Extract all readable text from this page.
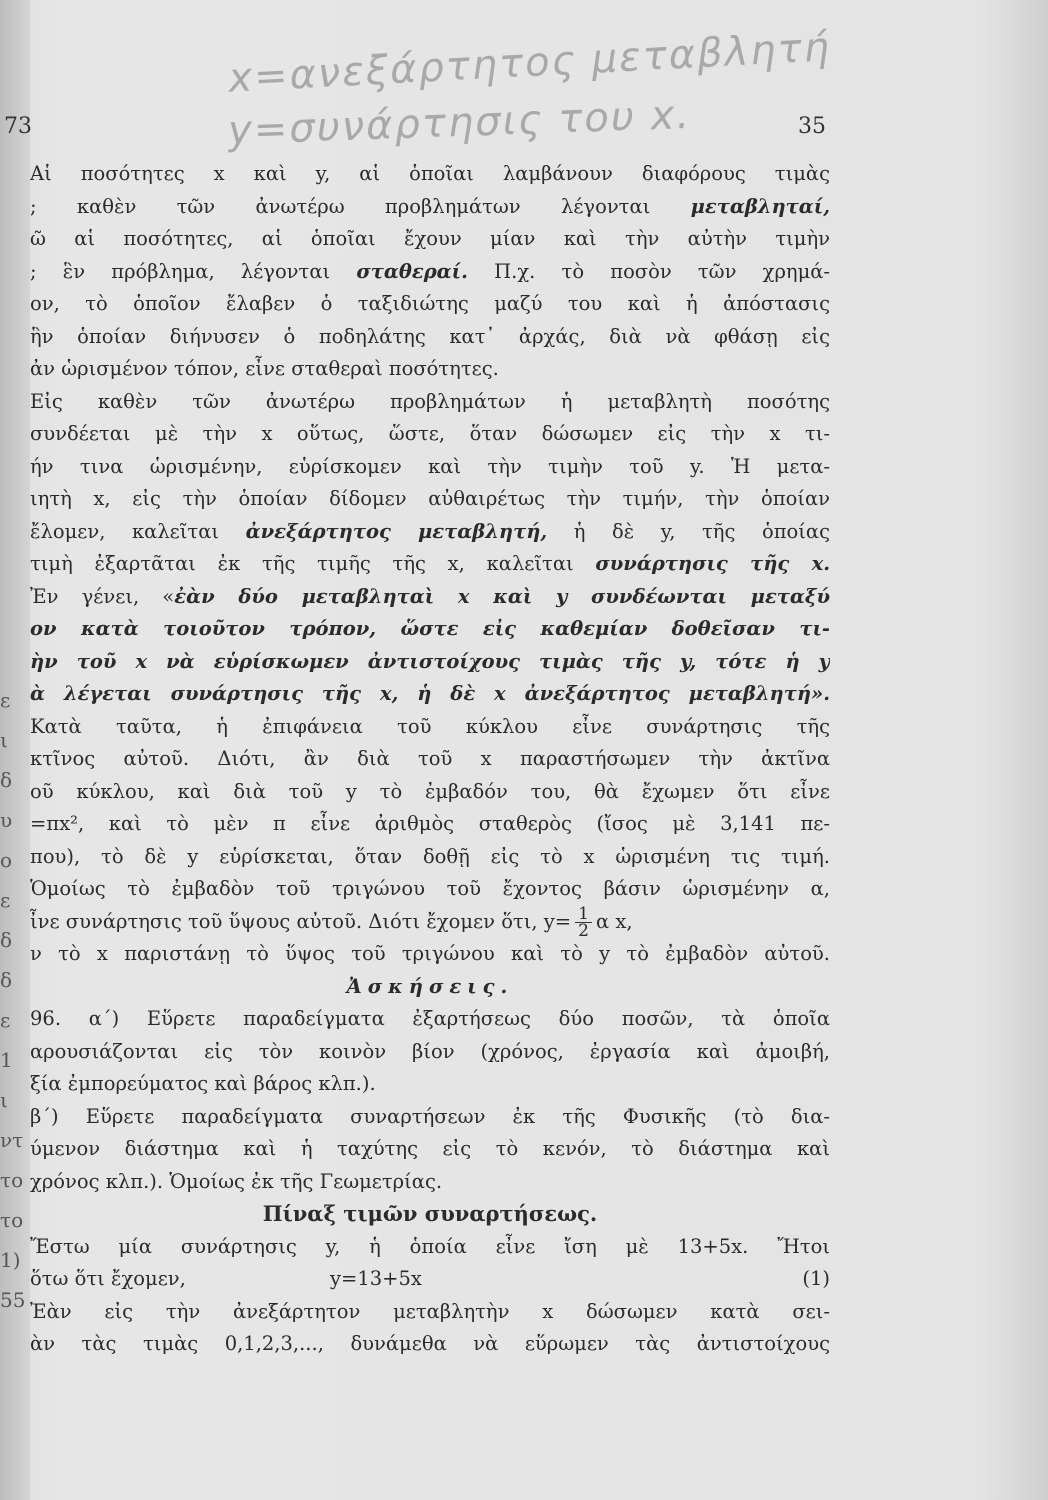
x=ανεξάρτητος μεταβλητή
y=συνάρτησις του x.
73	35
ε
ι
δ
υ
ο
ε
δ
δ
ε
1
ι
ντ
το
το
1)
55
Αἱ ποσότητες x καὶ y, αἱ ὁποῖαι λαμβάνουν διαφόρους τιμὰς
; καθὲν τῶν ἀνωτέρω προβλημάτων λέγονται μεταβληταί,
ῶ αἱ ποσότητες, αἱ ὁποῖαι ἔχουν μίαν καὶ τὴν αὐτὴν τιμὴν
; ἓν πρόβλημα, λέγονται σταθεραί. Π.χ. τὸ ποσὸν τῶν χρημά-
ον, τὸ ὁποῖον ἔλαβεν ὁ ταξιδιώτης μαζύ του καὶ ἡ ἀπόστασις
ἣν ὁποίαν διήνυσεν ὁ ποδηλάτης κατ᾽ ἀρχάς, διὰ νὰ φθάσῃ εἰς
ἀν ὡρισμένον τόπον, εἶνε σταθεραὶ ποσότητες.
Εἰς καθὲν τῶν ἀνωτέρω προβλημάτων ἡ μεταβλητὴ ποσότης
συνδέεται μὲ τὴν x οὕτως, ὥστε, ὅταν δώσωμεν εἰς τὴν x τι-
ήν τινα ὡρισμένην, εὑρίσκομεν καὶ τὴν τιμὴν τοῦ y. Ἡ μετα-
ιητὴ x, εἰς τὴν ὁποίαν δίδομεν αὐθαιρέτως τὴν τιμήν, τὴν ὁποίαν
ἔλομεν, καλεῖται ἀνεξάρτητος μεταβλητή, ἡ δὲ y, τῆς ὁποίας
τιμὴ ἐξαρτᾶται ἐκ τῆς τιμῆς τῆς x, καλεῖται συνάρτησις τῆς x.
Ἐν γένει, «ἐὰν δύο μεταβληταὶ x καὶ y συνδέωνται μεταξύ
ον κατὰ τοιοῦτον τρόπον, ὥστε εἰς καθεμίαν δοθεῖσαν τι-
ὴν τοῦ x νὰ εὑρίσκωμεν ἀντιστοίχους τιμὰς τῆς y, τότε ἡ y
ὰ λέγεται συνάρτησις τῆς x, ἡ δὲ x ἀνεξάρτητος μεταβλητή».
Κατὰ ταῦτα, ἡ ἐπιφάνεια τοῦ κύκλου εἶνε συνάρτησις τῆς
κτῖνος αὐτοῦ. Διότι, ἂν διὰ τοῦ x παραστήσωμεν τὴν ἀκτῖνα
οῦ κύκλου, καὶ διὰ τοῦ y τὸ ἐμβαδόν του, θὰ ἔχωμεν ὅτι εἶνε
=πx², καὶ τὸ μὲν π εἶνε ἀριθμὸς σταθερὸς (ἴσος μὲ 3,141 πε-
που), τὸ δὲ y εὑρίσκεται, ὅταν δοθῇ εἰς τὸ x ὡρισμένη τις τιμή.
Ὁμοίως τὸ ἐμβαδὸν τοῦ τριγώνου τοῦ ἔχοντος βάσιν ὡρισμένην α,
ἶνε συνάρτησις τοῦ ὕψους αὐτοῦ. Διότι ἔχομεν ὅτι, $y= \frac{1}{2}$ α x,
ν τὸ x παριστάνῃ τὸ ὕψος τοῦ τριγώνου καὶ τὸ y τὸ ἐμβαδὸν αὐτοῦ.
Ἀσκήσεις.
96. α΄) Εὕρετε παραδείγματα ἐξαρτήσεως δύο ποσῶν, τὰ ὁποῖα
αρουσιάζονται εἰς τὸν κοινὸν βίον (χρόνος, ἐργασία καὶ ἀμοιβή,
ξία ἐμπορεύματος καὶ βάρος κλπ.).
β΄) Εὕρετε παραδείγματα συναρτήσεων ἐκ τῆς Φυσικῆς (τὸ δια-
ύμενον διάστημα καὶ ἡ ταχύτης εἰς τὸ κενόν, τὸ διάστημα καὶ
χρόνος κλπ.). Ὁμοίως ἐκ τῆς Γεωμετρίας.
Πίναξ τιμῶν συναρτήσεως.
Ἔστω μία συνάρτησις y, ἡ ὁποία εἶνε ἴση μὲ 13+5x. Ἤτοι
ὅτω ὅτι ἔχομεν,	y=13+5x	(1)
Ἐὰν εἰς τὴν ἀνεξάρτητον μεταβλητὴν x δώσωμεν κατὰ σει-
ὰν τὰς τιμὰς 0,1,2,3,..., δυνάμεθα νὰ εὕρωμεν τὰς ἀντιστοίχους
